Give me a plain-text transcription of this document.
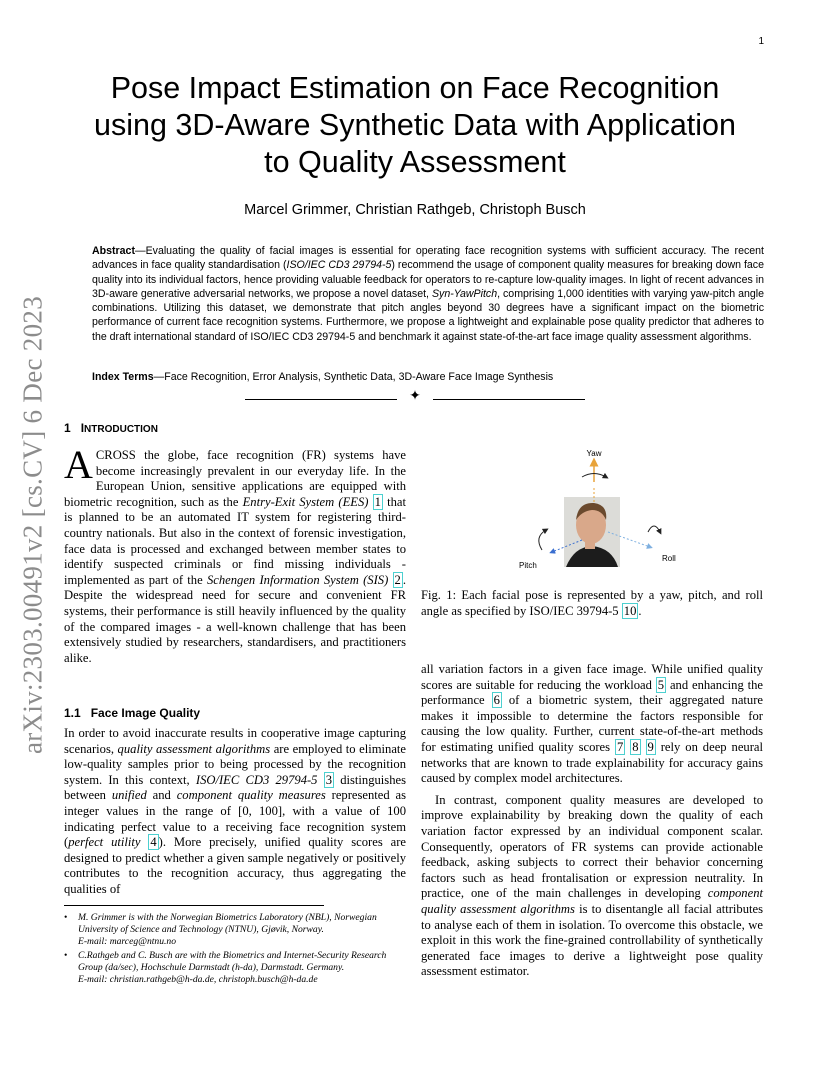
1
arXiv:2303.00491v2 [cs.CV] 6 Dec 2023
Pose Impact Estimation on Face Recognition
using 3D-Aware Synthetic Data with Application
to Quality Assessment
Marcel Grimmer, Christian Rathgeb, Christoph Busch
Abstract—Evaluating the quality of facial images is essential for operating face recognition systems with sufficient accuracy. The recent advances in face quality standardisation (ISO/IEC CD3 29794-5) recommend the usage of component quality measures for breaking down face quality into its individual factors, hence providing valuable feedback for operators to re-capture low-quality images. In light of recent advances in 3D-aware generative adversarial networks, we propose a novel dataset, Syn-YawPitch, comprising 1,000 identities with varying yaw-pitch angle combinations. Utilizing this dataset, we demonstrate that pitch angles beyond 30 degrees have a significant impact on the biometric performance of current face recognition systems. Furthermore, we propose a lightweight and explainable pose quality predictor that adheres to the draft international standard of ISO/IEC CD3 29794-5 and benchmark it against state-of-the-art face image quality assessment algorithms.
Index Terms—Face Recognition, Error Analysis, Synthetic Data, 3D-Aware Face Image Synthesis
✦
1 INTRODUCTION
ACROSS the globe, face recognition (FR) systems have become increasingly prevalent in our everyday life. In the European Union, sensitive applications are equipped with biometric recognition, such as the Entry-Exit System (EES) 1 that is planned to be an automated IT system for registering third-country nationals. But also in the context of forensic investigation, face data is processed and exchanged between member states to identify suspected criminals or find missing individuals - implemented as part of the Schengen Information System (SIS) 2 . Despite the widespread need for secure and convenient FR systems, their performance is still heavily influenced by the quality of the compared images - a well-known challenge that has been extensively studied by researchers, standardisers, and practitioners alike.
1.1 Face Image Quality
In order to avoid inaccurate results in cooperative image capturing scenarios, quality assessment algorithms are employed to eliminate low-quality samples prior to being processed by the recognition system. In this context, ISO/IEC CD3 29794-5 3 distinguishes between unified and component quality measures represented as integer values in the range of [0, 100], with a value of 100 indicating perfect value to a receiving face recognition system (perfect utility 4 ). More precisely, unified quality scores are designed to predict whether a given sample negatively or positively contributes to the recognition accuracy, thus aggregating the qualities of
• M. Grimmer is with the Norwegian Biometrics Laboratory (NBL), Norwegian University of Science and Technology (NTNU), Gjøvik, Norway.
E-mail: marceg@ntnu.no
• C.Rathgeb and C. Busch are with the Biometrics and Internet-Security Research Group (da/sec), Hochschule Darmstadt (h-da), Darmstadt. Germany.
E-mail: christian.rathgeb@h-da.de, christoph.busch@h-da.de
Yaw
Pitch
Roll
Fig. 1: Each facial pose is represented by a yaw, pitch, and roll angle as specified by ISO/IEC 39794-5 10 .

all variation factors in a given face image. While unified quality scores are suitable for reducing the workload 5 and enhancing the performance 6 of a biometric system, their aggregated nature makes it impossible to determine the factors responsible for causing the low quality. Further, current state-of-the-art methods for estimating unified quality scores 7 8 9 rely on deep neural networks that are known to trade explainability for accuracy gains caused by complex model architectures.

In contrast, component quality measures are developed to improve explainability by breaking down the quality of each variation factor expressed by an individual component scalar. Consequently, operators of FR systems can provide actionable feedback, asking subjects to correct their behavior concerning factors such as head frontalisation or expression neutrality. In practice, one of the main challenges in developing component quality assessment algorithms is to disentangle all facial attributes to analyse each of them in isolation. To overcome this obstacle, we exploit in this work the fine-grained controllability of synthetically generated face images to derive a lightweight pose quality assessment estimator.
